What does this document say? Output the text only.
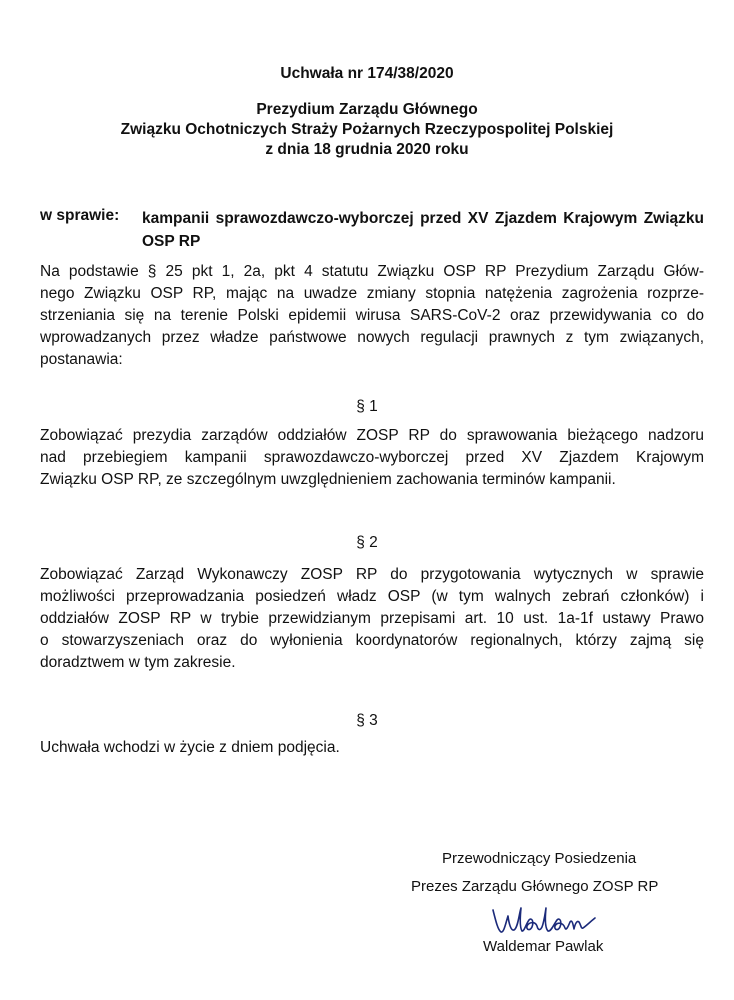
Uchwała nr 174/38/2020
Prezydium Zarządu Głównego
Związku Ochotniczych Straży Pożarnych Rzeczypospolitej Polskiej
z dnia 18 grudnia 2020 roku
w sprawie: kampanii sprawozdawczo-wyborczej przed XV Zjazdem Krajowym Związku OSP RP
Na podstawie § 25 pkt 1, 2a, pkt 4 statutu Związku OSP RP Prezydium Zarządu Głów-
nego Związku OSP RP, mając na uwadze zmiany stopnia natężenia zagrożenia rozprze-
strzeniania się na terenie Polski epidemii wirusa SARS-CoV-2 oraz przewidywania co do
wprowadzanych przez władze państwowe nowych regulacji prawnych z tym związanych,
postanawia:
§ 1
Zobowiązać prezydia zarządów oddziałów ZOSP RP do sprawowania bieżącego nadzoru
nad przebiegiem kampanii sprawozdawczo-wyborczej przed XV Zjazdem Krajowym
Związku OSP RP, ze szczególnym uwzględnieniem zachowania terminów kampanii.
§ 2
Zobowiązać Zarząd Wykonawczy ZOSP RP do przygotowania wytycznych w sprawie
możliwości przeprowadzania posiedzeń władz OSP (w tym walnych zebrań członków) i
oddziałów ZOSP RP w trybie przewidzianym przepisami art. 10 ust. 1a-1f ustawy Prawo
o stowarzyszeniach oraz do wyłonienia koordynatorów regionalnych, którzy zajmą się
doradztwem w tym zakresie.
§ 3
Uchwała wchodzi w życie z dniem podjęcia.
Przewodniczący Posiedzenia
Prezes Zarządu Głównego ZOSP RP
Waldemar Pawlak
